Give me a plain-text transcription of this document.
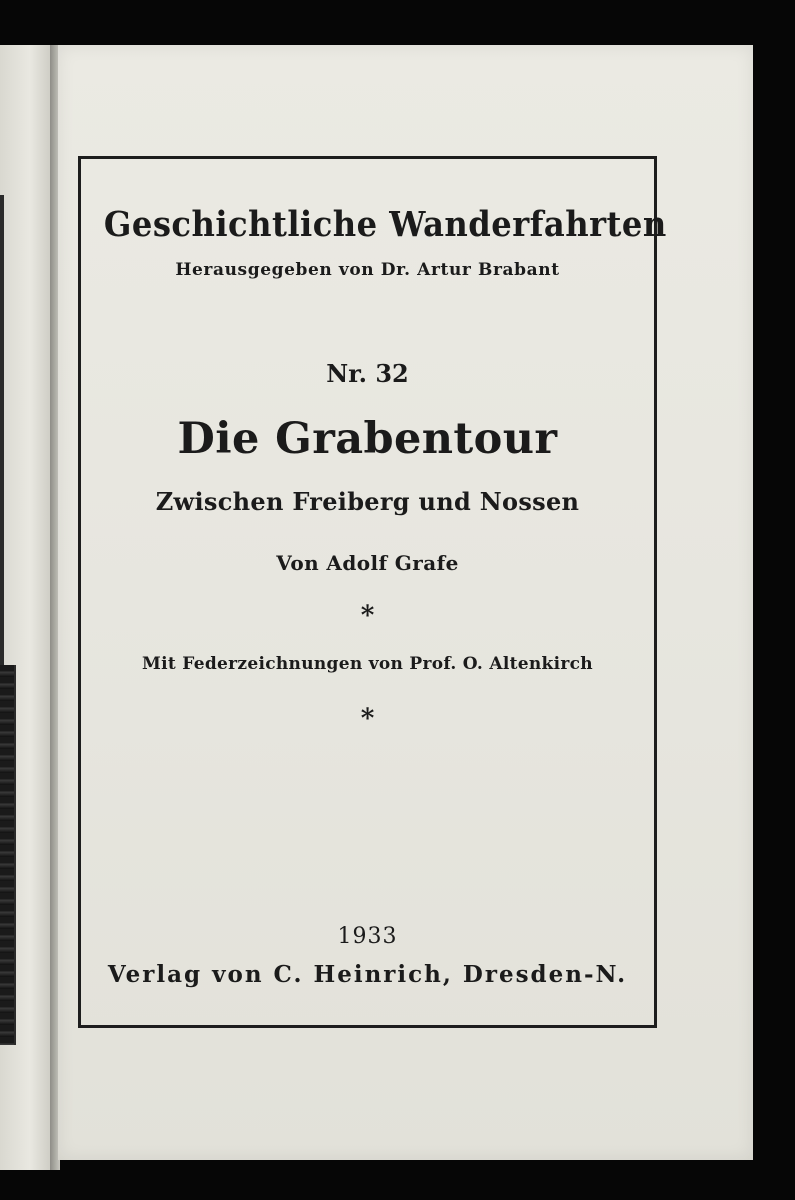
Geschichtliche Wanderfahrten
Herausgegeben von Dr. Artur Brabant
Nr. 32
Die Grabentour
Zwischen Freiberg und Nossen
Von Adolf Grafe
*
Mit Federzeichnungen von Prof. O. Altenkirch
*
1933
Verlag von C. Heinrich, Dresden-N.
